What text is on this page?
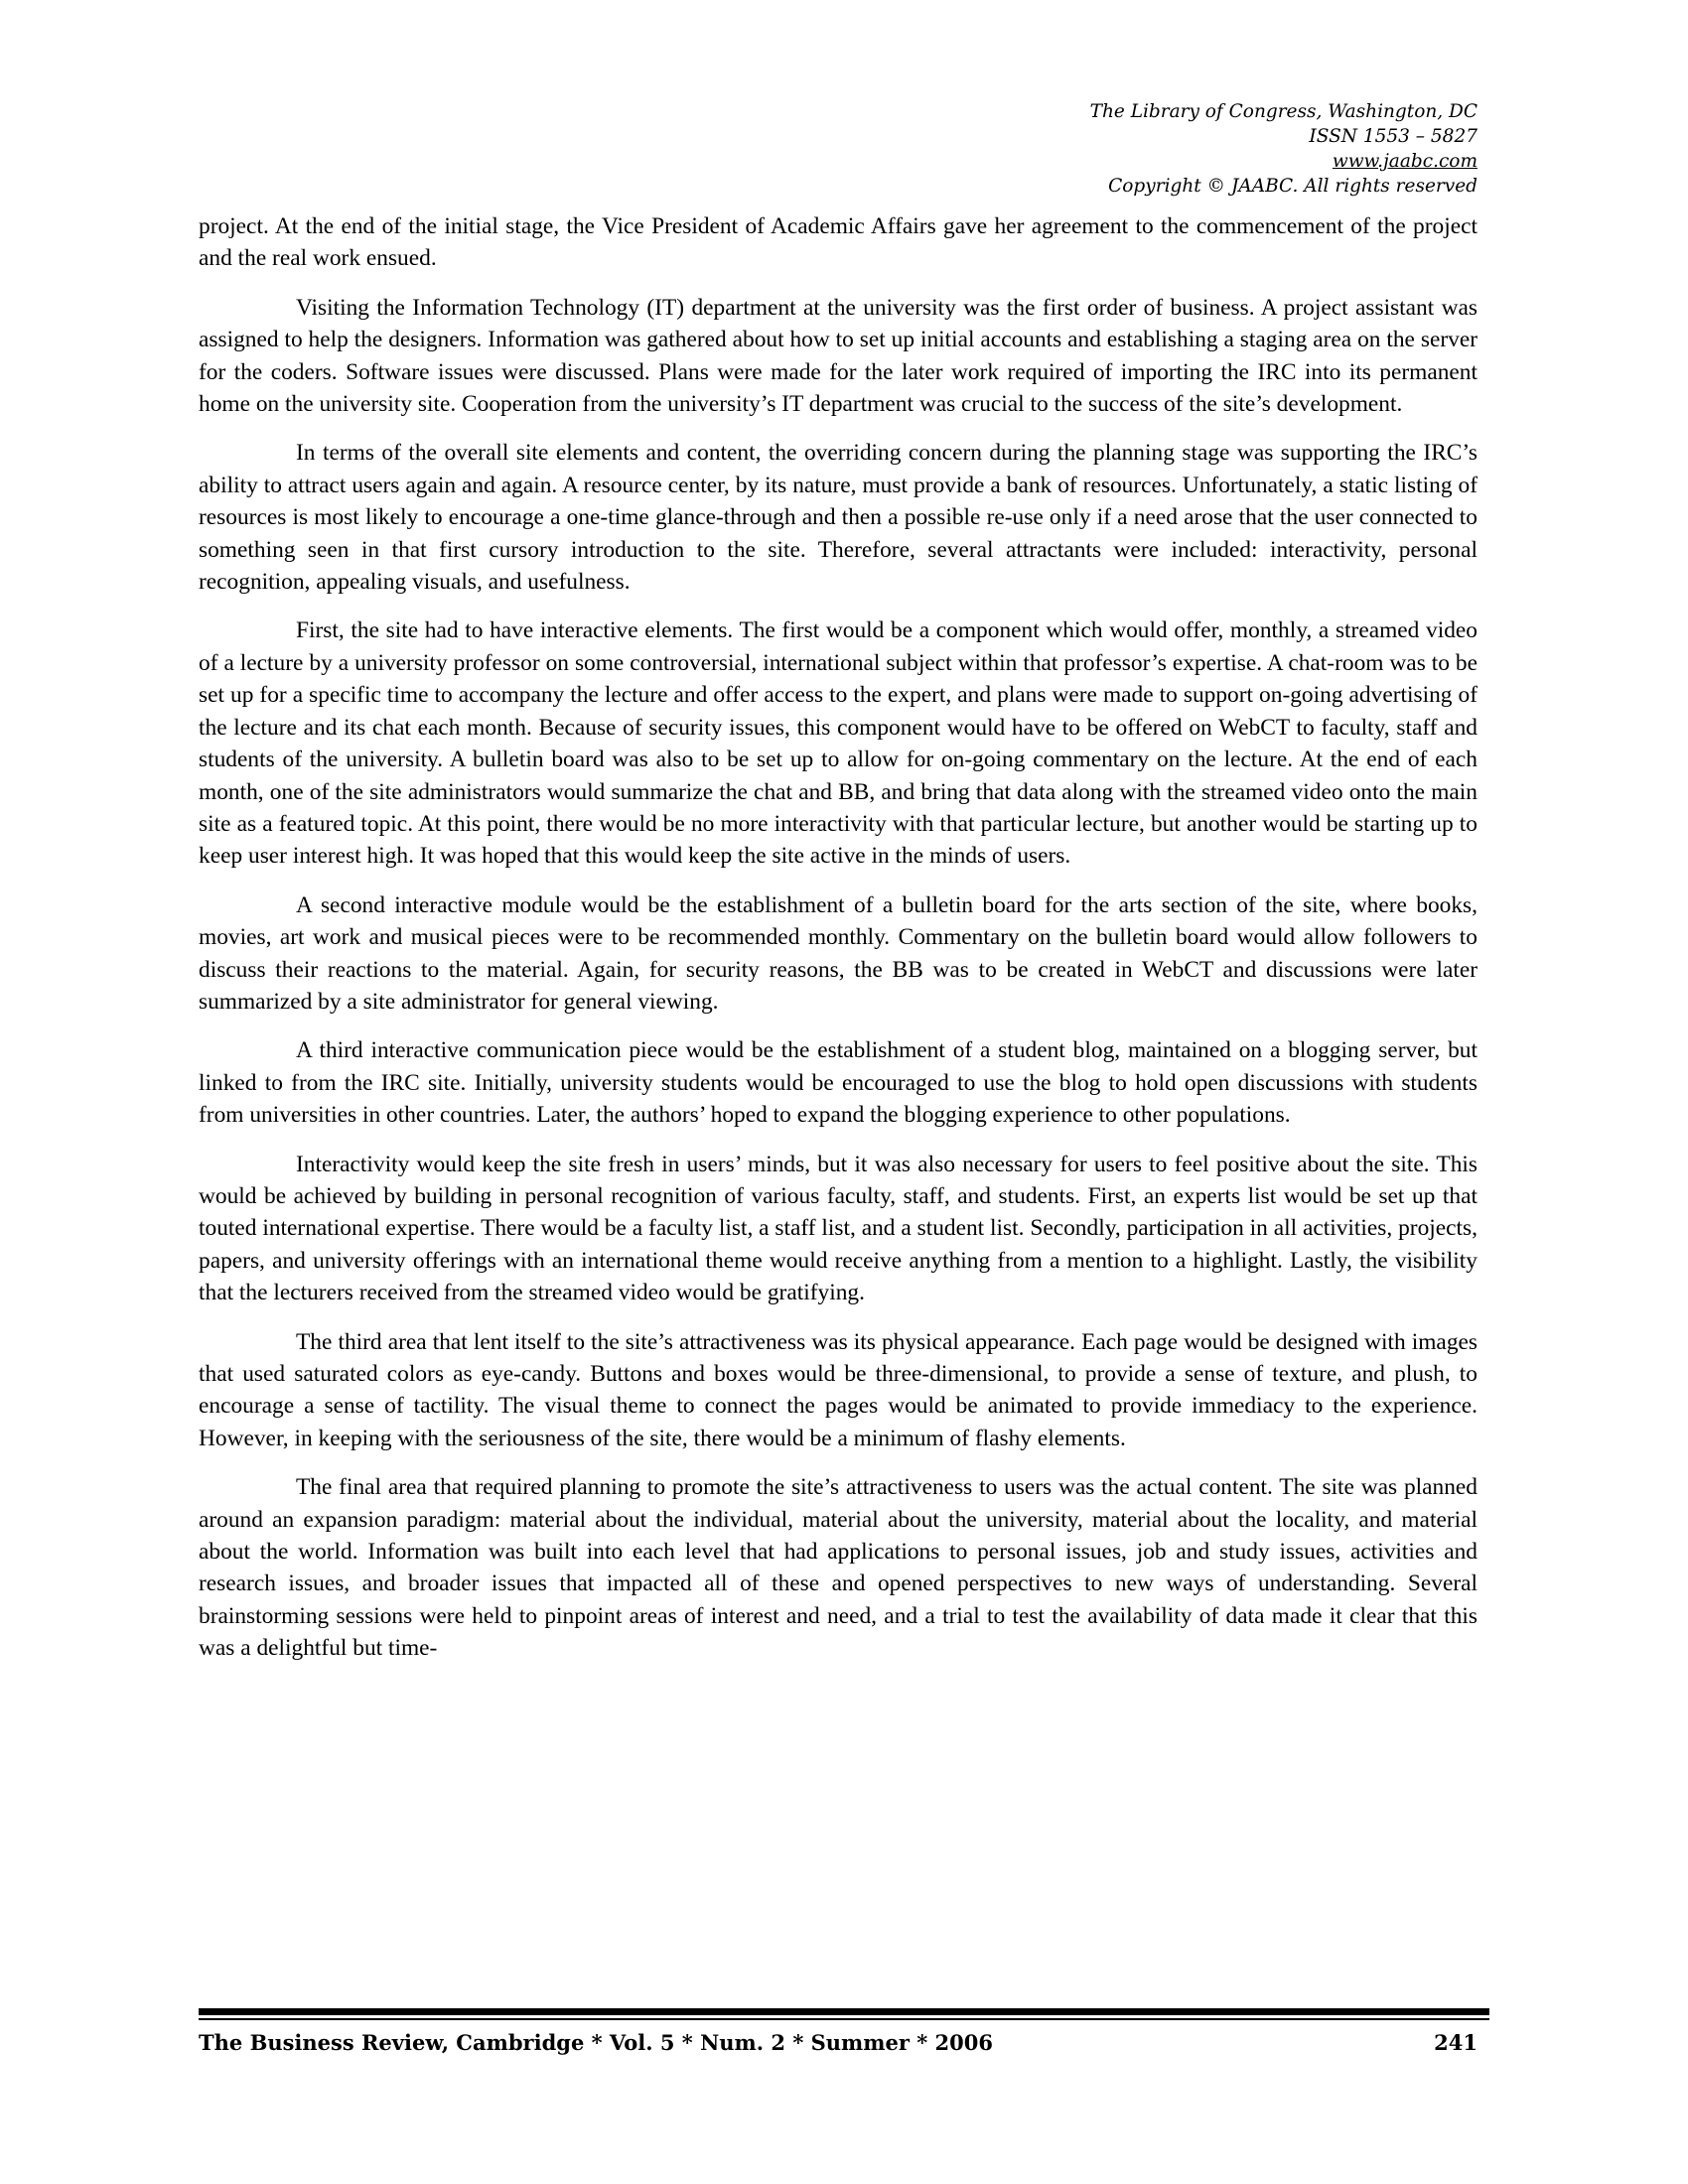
The Library of Congress, Washington, DC
ISSN 1553 – 5827
www.jaabc.com
Copyright © JAABC. All rights reserved

project. At the end of the initial stage, the Vice President of Academic Affairs gave her agreement to the commencement of the project and the real work ensued.

Visiting the Information Technology (IT) department at the university was the first order of business. A project assistant was assigned to help the designers. Information was gathered about how to set up initial accounts and establishing a staging area on the server for the coders. Software issues were discussed. Plans were made for the later work required of importing the IRC into its permanent home on the university site. Cooperation from the university’s IT department was crucial to the success of the site’s development.

In terms of the overall site elements and content, the overriding concern during the planning stage was supporting the IRC’s ability to attract users again and again. A resource center, by its nature, must provide a bank of resources. Unfortunately, a static listing of resources is most likely to encourage a one-time glance-through and then a possible re-use only if a need arose that the user connected to something seen in that first cursory introduction to the site. Therefore, several attractants were included: interactivity, personal recognition, appealing visuals, and usefulness.

First, the site had to have interactive elements. The first would be a component which would offer, monthly, a streamed video of a lecture by a university professor on some controversial, international subject within that professor’s expertise. A chat-room was to be set up for a specific time to accompany the lecture and offer access to the expert, and plans were made to support on-going advertising of the lecture and its chat each month. Because of security issues, this component would have to be offered on WebCT to faculty, staff and students of the university. A bulletin board was also to be set up to allow for on-going commentary on the lecture. At the end of each month, one of the site administrators would summarize the chat and BB, and bring that data along with the streamed video onto the main site as a featured topic. At this point, there would be no more interactivity with that particular lecture, but another would be starting up to keep user interest high. It was hoped that this would keep the site active in the minds of users.

A second interactive module would be the establishment of a bulletin board for the arts section of the site, where books, movies, art work and musical pieces were to be recommended monthly. Commentary on the bulletin board would allow followers to discuss their reactions to the material. Again, for security reasons, the BB was to be created in WebCT and discussions were later summarized by a site administrator for general viewing.

A third interactive communication piece would be the establishment of a student blog, maintained on a blogging server, but linked to from the IRC site. Initially, university students would be encouraged to use the blog to hold open discussions with students from universities in other countries. Later, the authors’ hoped to expand the blogging experience to other populations.

Interactivity would keep the site fresh in users’ minds, but it was also necessary for users to feel positive about the site. This would be achieved by building in personal recognition of various faculty, staff, and students. First, an experts list would be set up that touted international expertise. There would be a faculty list, a staff list, and a student list. Secondly, participation in all activities, projects, papers, and university offerings with an international theme would receive anything from a mention to a highlight. Lastly, the visibility that the lecturers received from the streamed video would be gratifying.

The third area that lent itself to the site’s attractiveness was its physical appearance. Each page would be designed with images that used saturated colors as eye-candy. Buttons and boxes would be three-dimensional, to provide a sense of texture, and plush, to encourage a sense of tactility. The visual theme to connect the pages would be animated to provide immediacy to the experience. However, in keeping with the seriousness of the site, there would be a minimum of flashy elements.

The final area that required planning to promote the site’s attractiveness to users was the actual content. The site was planned around an expansion paradigm: material about the individual, material about the university, material about the locality, and material about the world. Information was built into each level that had applications to personal issues, job and study issues, activities and research issues, and broader issues that impacted all of these and opened perspectives to new ways of understanding. Several brainstorming sessions were held to pinpoint areas of interest and need, and a trial to test the availability of data made it clear that this was a delightful but time-

The Business Review, Cambridge * Vol. 5 * Num. 2 * Summer * 2006	241
